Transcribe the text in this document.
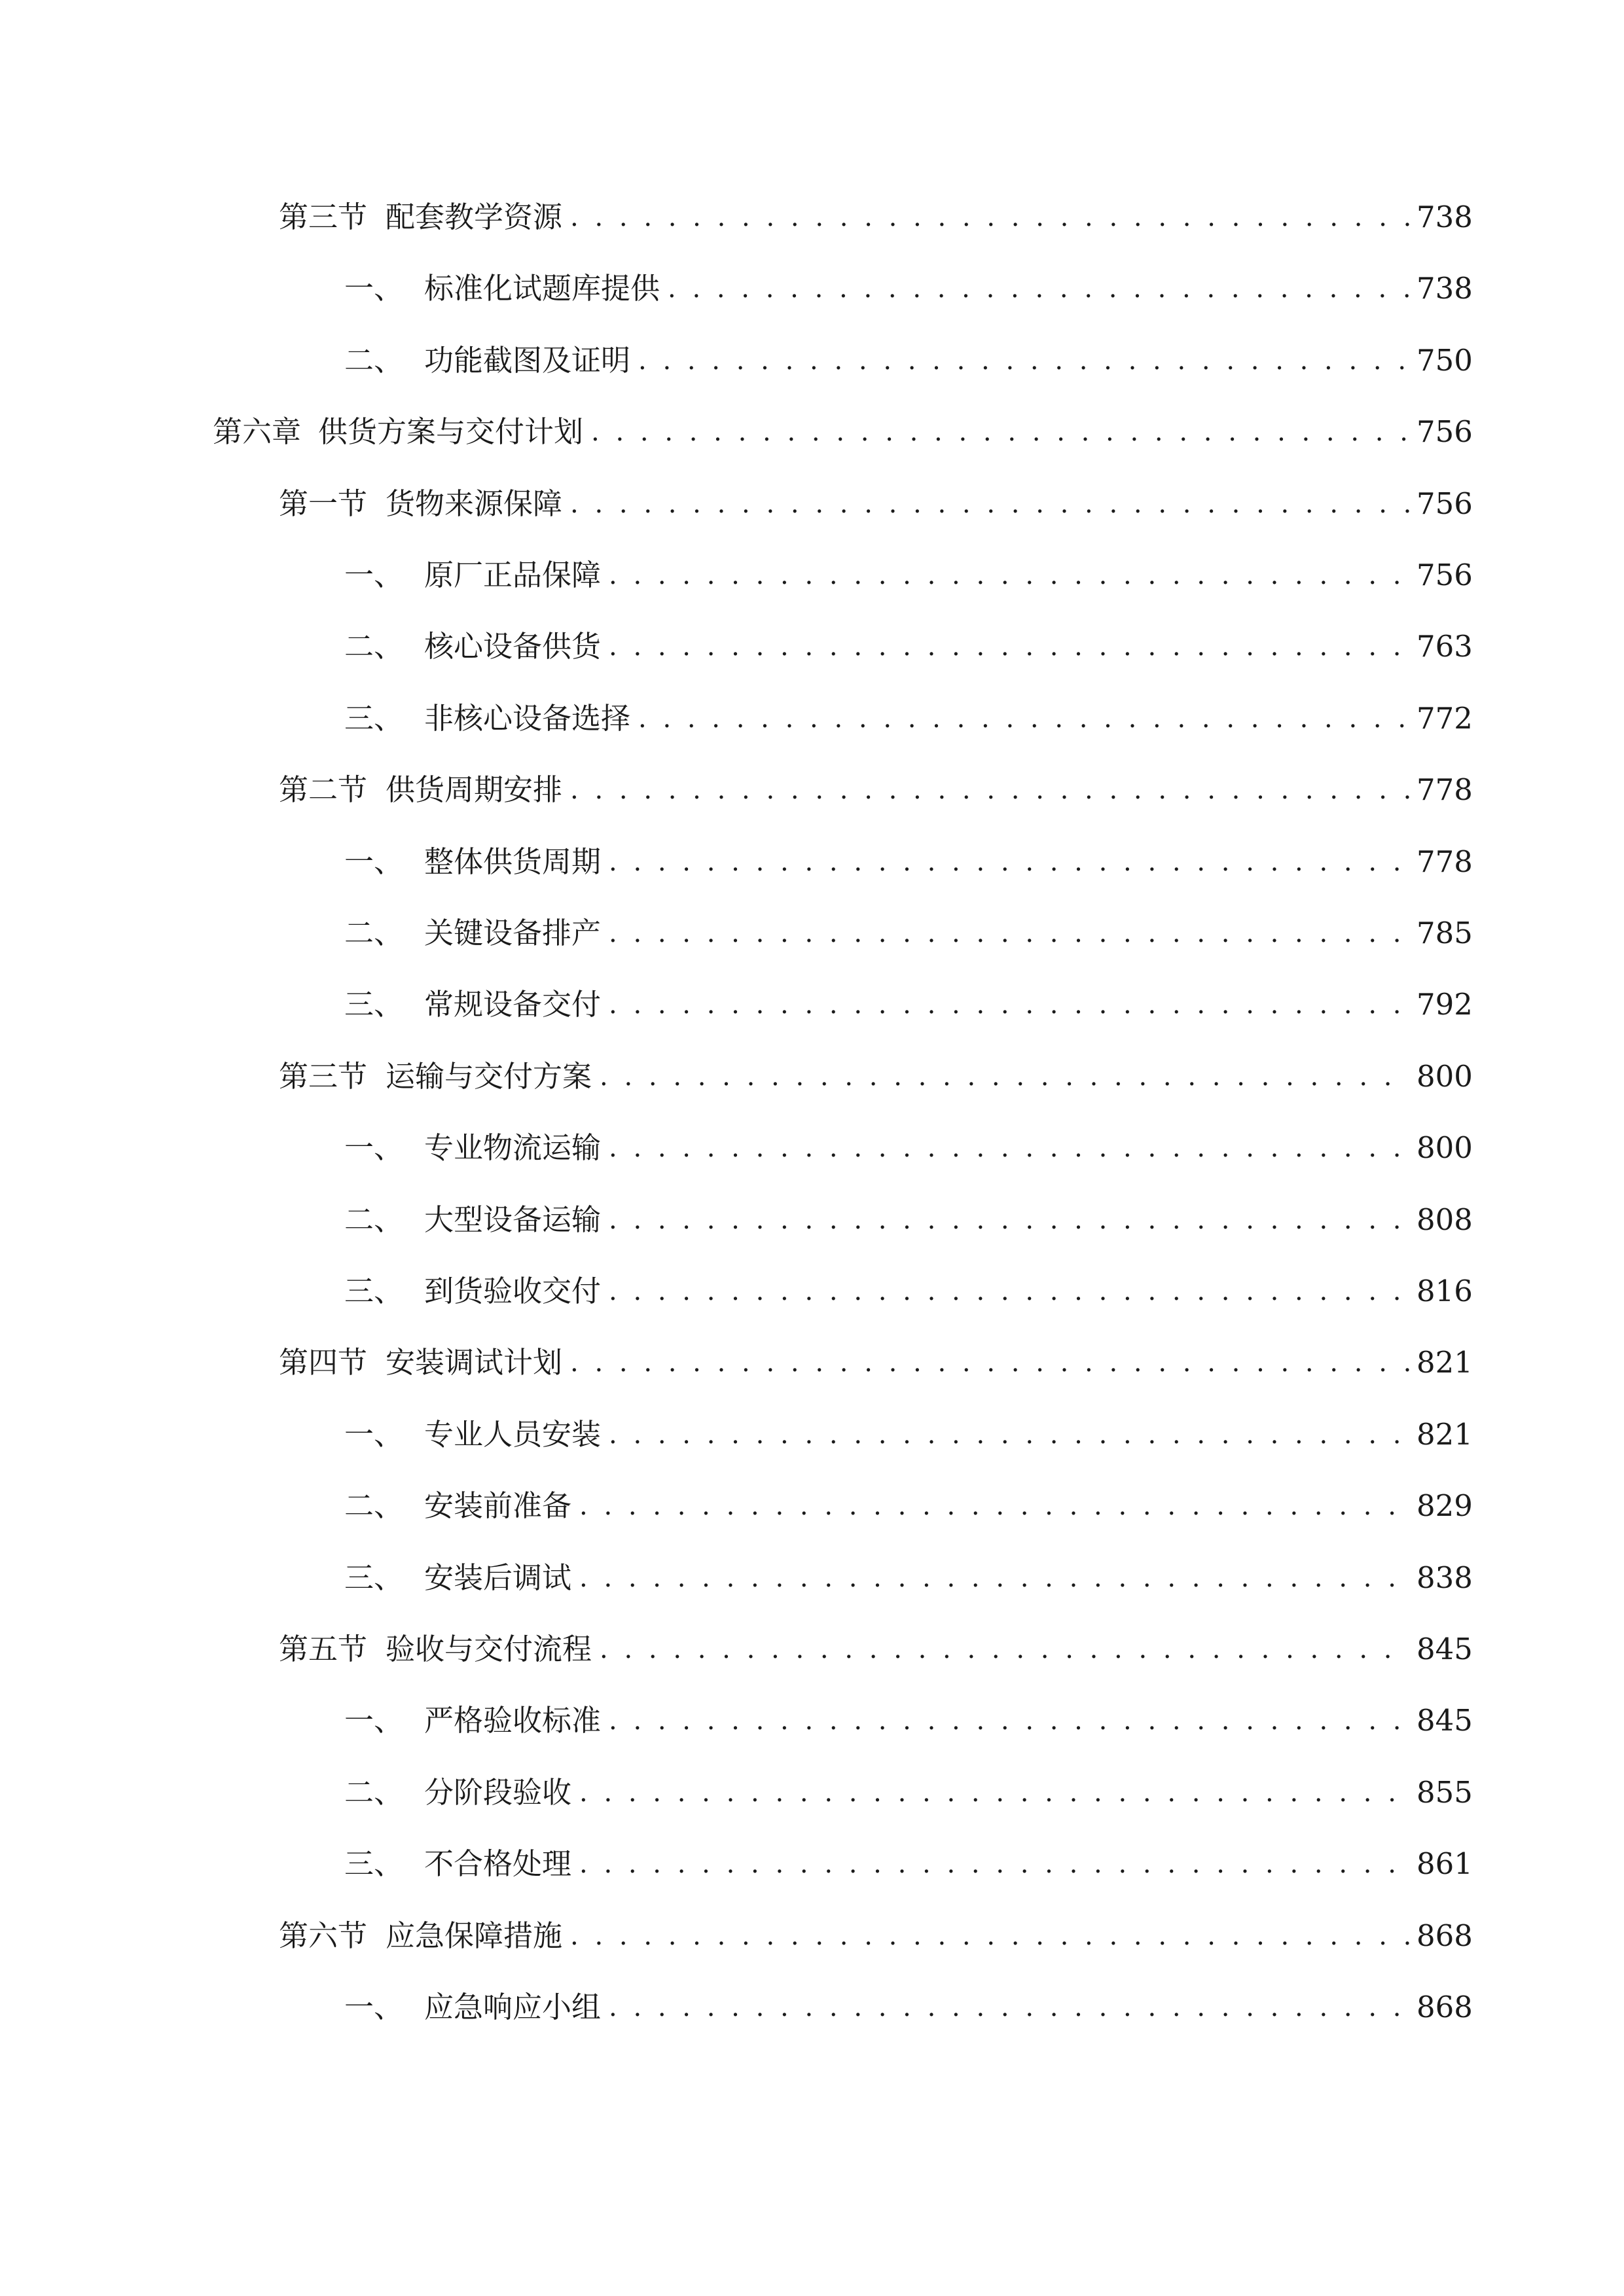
第三节 配套教学资源 . . .	738
一、 标准化试题库提供 . . .	738
二、 功能截图及证明 . . .	750
第六章 供货方案与交付计划 . . .	756
第一节 货物来源保障 . . .	756
一、 原厂正品保障 . . .	756
二、 核心设备供货 . . .	763
三、 非核心设备选择 . . .	772
第二节 供货周期安排 . . .	778
一、 整体供货周期 . . .	778
二、 关键设备排产 . . .	785
三、 常规设备交付 . . .	792
第三节 运输与交付方案 . . .	800
一、 专业物流运输 . . .	800
二、 大型设备运输 . . .	808
三、 到货验收交付 . . .	816
第四节 安装调试计划 . . .	821
一、 专业人员安装 . . .	821
二、 安装前准备 . . .	829
三、 安装后调试 . . .	838
第五节 验收与交付流程 . . .	845
一、 严格验收标准 . . .	845
二、 分阶段验收 . . .	855
三、 不合格处理 . . .	861
第六节 应急保障措施 . . .	868
一、 应急响应小组 . . .	868
